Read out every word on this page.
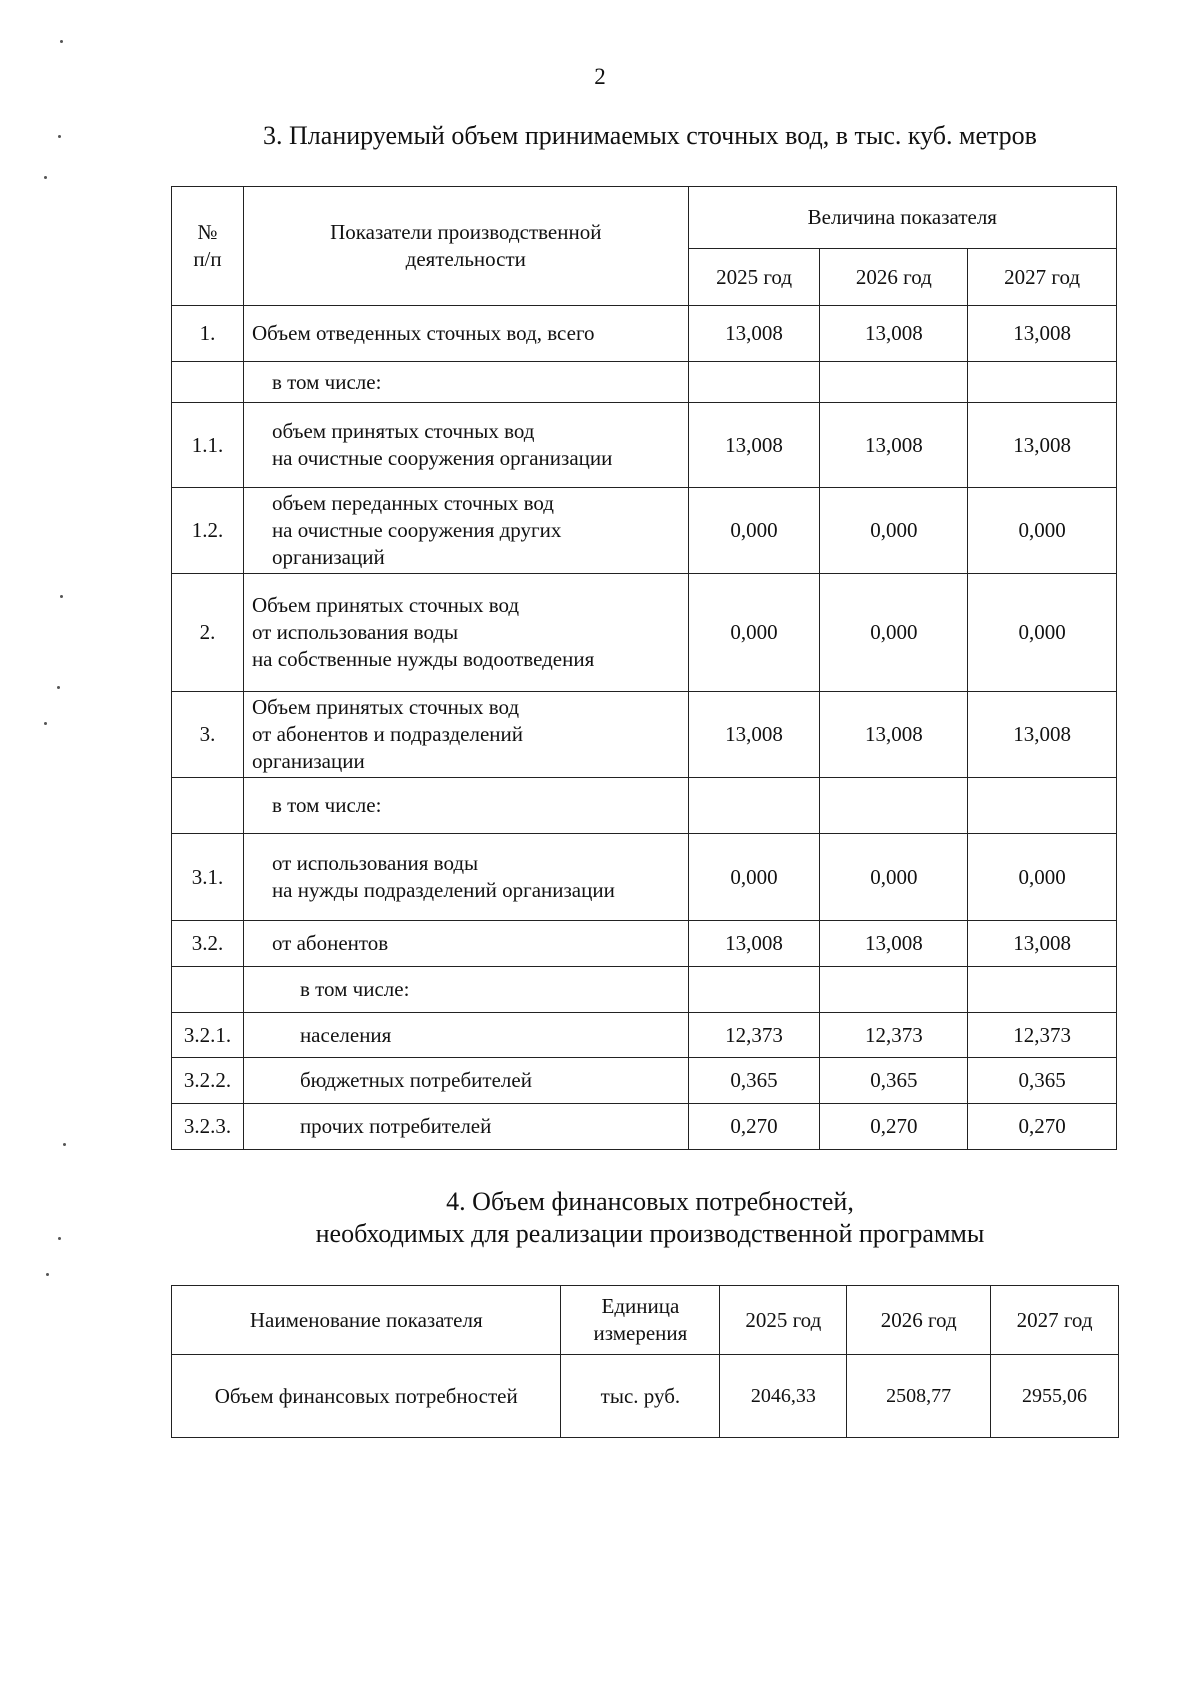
2
3. Планируемый объем принимаемых сточных вод, в тыс. куб. метров
№ п/п	Показатели производственной деятельности	Величина показателя		
		2025 год	2026 год	2027 год
1.	Объем отведенных сточных вод, всего	13,008	13,008	13,008
	в том числе:			
1.1.	объем принятых сточных вод
на очистные сооружения организации	13,008	13,008	13,008
1.2.	объем переданных сточных вод
на очистные сооружения других
организаций	0,000	0,000	0,000
2.	Объем принятых сточных вод
от использования воды
на собственные нужды водоотведения	0,000	0,000	0,000
3.	Объем принятых сточных вод
от абонентов и подразделений
организации	13,008	13,008	13,008
	в том числе:			
3.1.	от использования воды
на нужды подразделений организации	0,000	0,000	0,000
3.2.	от абонентов	13,008	13,008	13,008
	в том числе:			
3.2.1.	населения	12,373	12,373	12,373
3.2.2.	бюджетных потребителей	0,365	0,365	0,365
3.2.3.	прочих потребителей	0,270	0,270	0,270
4. Объем финансовых потребностей,
необходимых для реализации производственной программы
Наименование показателя	Единица измерения	2025 год	2026 год	2027 год
Объем финансовых потребностей	тыс. руб.	2046,33	2508,77	2955,06
